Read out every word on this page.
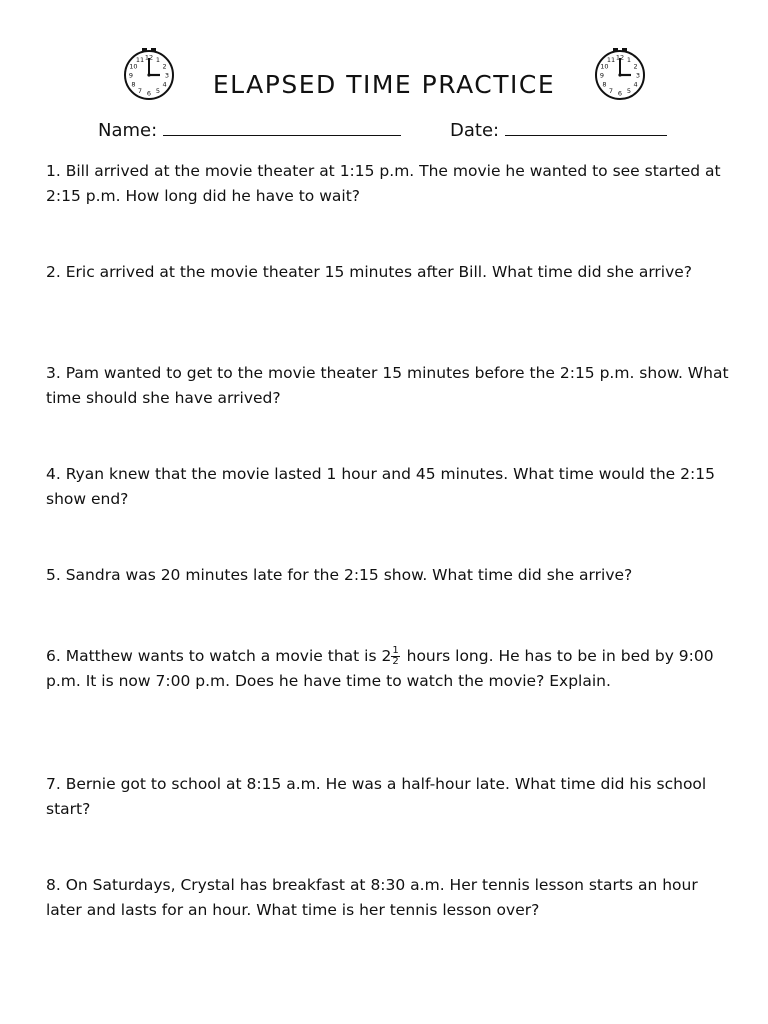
12 1
2
3
4
5
6
7
8
9
10
11	12 1
2
3
4
5
6
7
8
9
10
11
ELAPSED TIME PRACTICE
Name:	Date:
1. Bill arrived at the movie theater at 1:15 p.m. The movie he wanted to see started at 2:15 p.m. How long did he have to wait?
2. Eric arrived at the movie theater 15 minutes after Bill. What time did she arrive?
3. Pam wanted to get to the movie theater 15 minutes before the 2:15 p.m. show. What time should she have arrived?
4. Ryan knew that the movie lasted 1 hour and 45 minutes. What time would the 2:15 show end?
5. Sandra was 20 minutes late for the 2:15 show. What time did she arrive?
6. Matthew wants to watch a movie that is $2 \frac{1}{2}$ hours long. He has to be in bed by 9:00 p.m. It is now 7:00 p.m. Does he have time to watch the movie? Explain.
7. Bernie got to school at 8:15 a.m. He was a half-hour late. What time did his school start?
8. On Saturdays, Crystal has breakfast at 8:30 a.m. Her tennis lesson starts an hour later and lasts for an hour. What time is her tennis lesson over?
